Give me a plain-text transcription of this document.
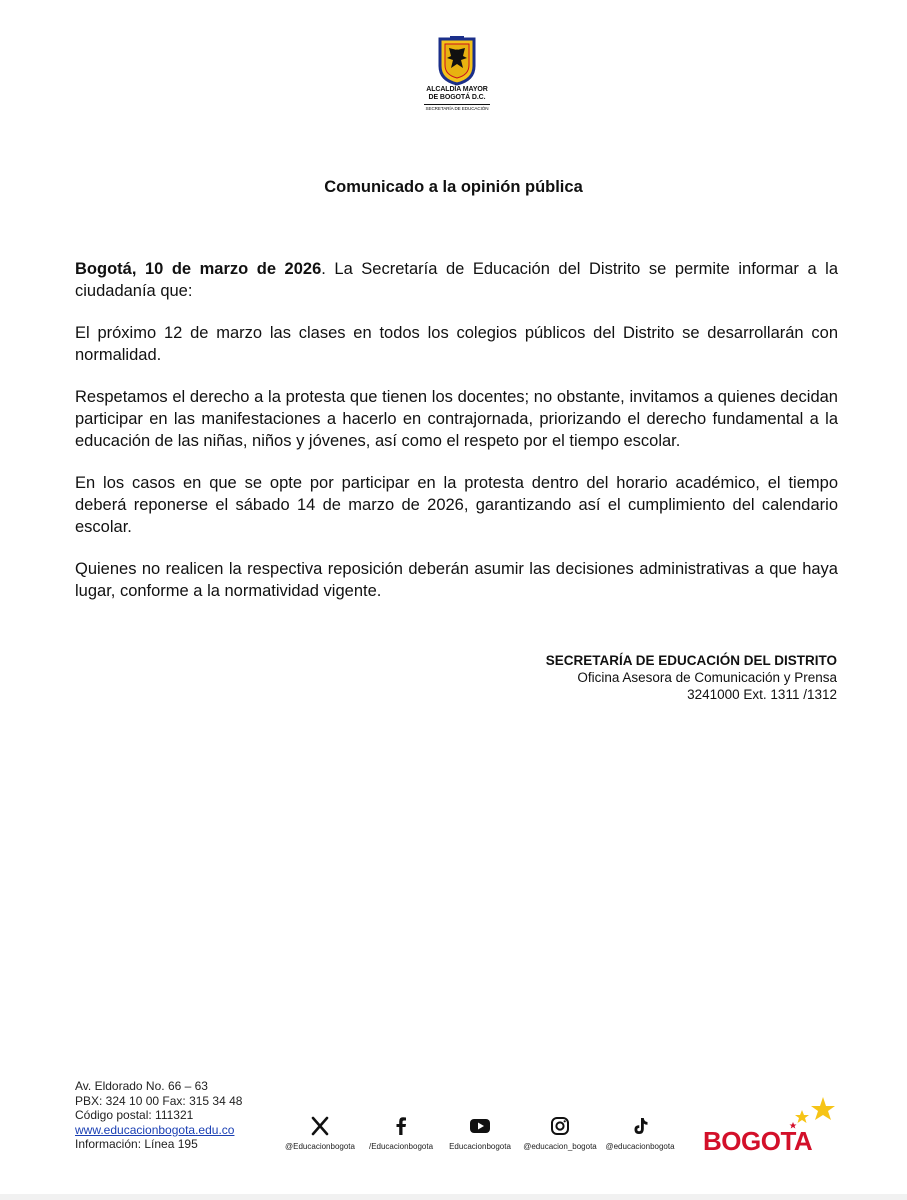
ALCALDÍA MAYOR
DE BOGOTÁ D.C.
SECRETARÍA DE EDUCACIÓN
Comunicado a la opinión pública

Bogotá, 10 de marzo de 2026. La Secretaría de Educación del Distrito se permite informar a la ciudadanía que:

El próximo 12 de marzo las clases en todos los colegios públicos del Distrito se desarrollarán con normalidad.

Respetamos el derecho a la protesta que tienen los docentes; no obstante, invitamos a quienes decidan participar en las manifestaciones a hacerlo en contrajornada, priorizando el derecho fundamental a la educación de las niñas, niños y jóvenes, así como el respeto por el tiempo escolar.

En los casos en que se opte por participar en la protesta dentro del horario académico, el tiempo deberá reponerse el sábado 14 de marzo de 2026, garantizando así el cumplimiento del calendario escolar.

Quienes no realicen la respectiva reposición deberán asumir las decisiones administrativas a que haya lugar, conforme a la normatividad vigente.

SECRETARÍA DE EDUCACIÓN DEL DISTRITO
Oficina Asesora de Comunicación y Prensa
3241000 Ext. 1311 /1312
Av. Eldorado No. 66 – 63
PBX: 324 10 00 Fax: 315 34 48
Código postal: 111321
www.educacionbogota.edu.co
Información: Línea 195	@Educacionbogota	/Educacionbogota	Educacionbogota	@educacion_bogota	@educacionbogota BOGOTA
